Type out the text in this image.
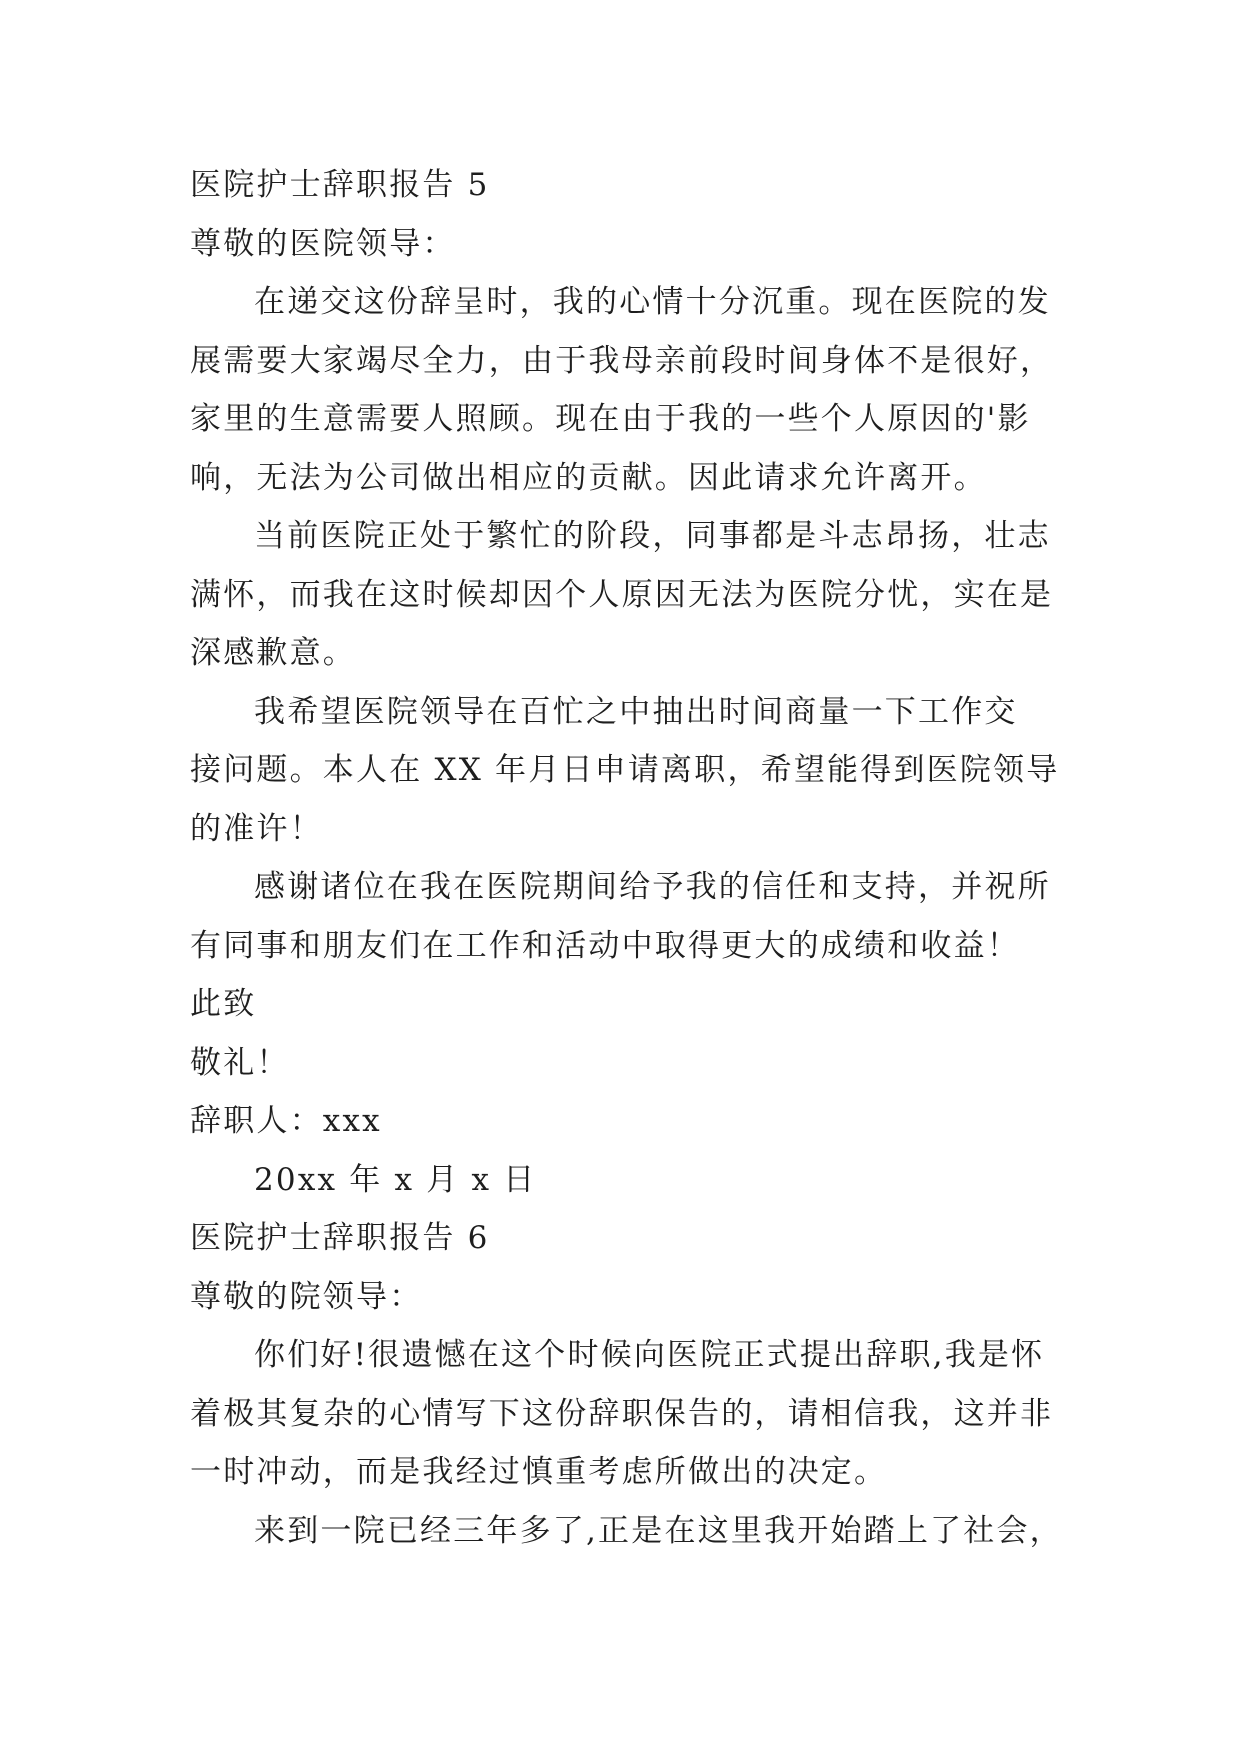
医院护士辞职报告 5
尊敬的医院领导：
在递交这份辞呈时，我的心情十分沉重。现在医院的发
展需要大家竭尽全力，由于我母亲前段时间身体不是很好，
家里的生意需要人照顾。现在由于我的一些个人原因的'影
响，无法为公司做出相应的贡献。因此请求允许离开。
当前医院正处于繁忙的阶段，同事都是斗志昂扬，壮志
满怀，而我在这时候却因个人原因无法为医院分忧，实在是
深感歉意。
我希望医院领导在百忙之中抽出时间商量一下工作交
接问题。本人在 XX 年月日申请离职，希望能得到医院领导
的准许！
感谢诸位在我在医院期间给予我的信任和支持，并祝所
有同事和朋友们在工作和活动中取得更大的成绩和收益！
此致
敬礼！
辞职人：xxx
20xx 年 x 月 x 日
医院护士辞职报告 6
尊敬的院领导：
你们好!很遗憾在这个时候向医院正式提出辞职,我是怀
着极其复杂的心情写下这份辞职保告的，请相信我，这并非
一时冲动，而是我经过慎重考虑所做出的决定。
来到一院已经三年多了,正是在这里我开始踏上了社会，
